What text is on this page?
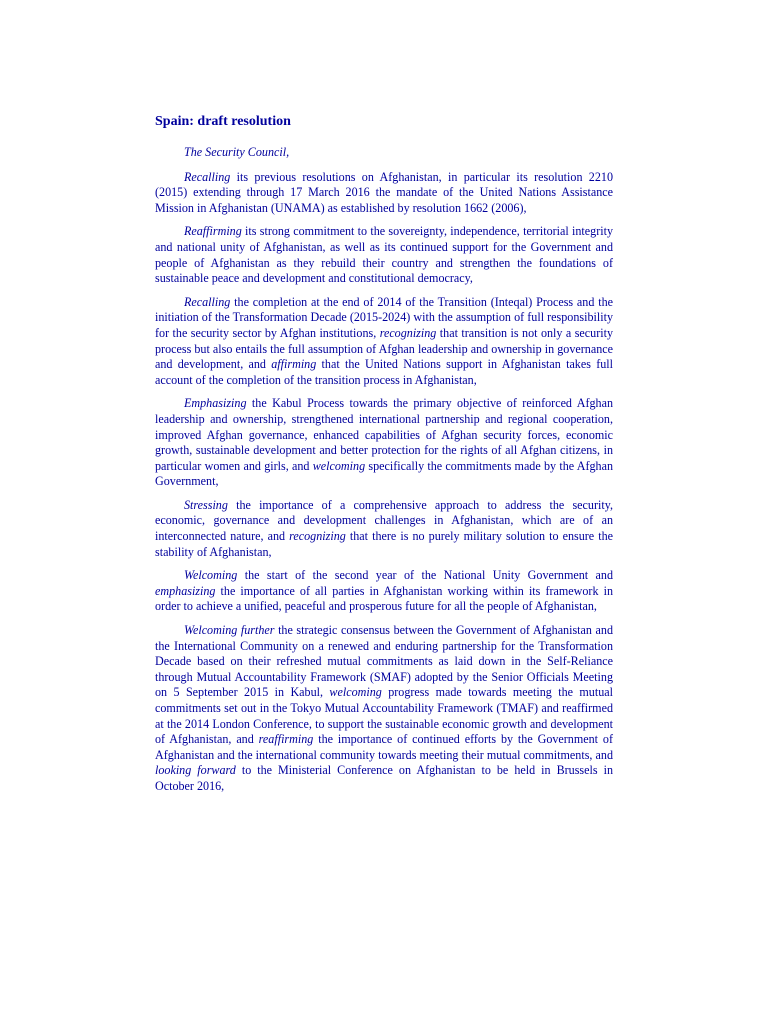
Spain: draft resolution

The Security Council,

Recalling its previous resolutions on Afghanistan, in particular its resolution 2210 (2015) extending through 17 March 2016 the mandate of the United Nations Assistance Mission in Afghanistan (UNAMA) as established by resolution 1662 (2006),

Reaffirming its strong commitment to the sovereignty, independence, territorial integrity and national unity of Afghanistan, as well as its continued support for the Government and people of Afghanistan as they rebuild their country and strengthen the foundations of sustainable peace and development and constitutional democracy,

Recalling the completion at the end of 2014 of the Transition (Inteqal) Process and the initiation of the Transformation Decade (2015-2024) with the assumption of full responsibility for the security sector by Afghan institutions, recognizing that transition is not only a security process but also entails the full assumption of Afghan leadership and ownership in governance and development, and affirming that the United Nations support in Afghanistan takes full account of the completion of the transition process in Afghanistan,

Emphasizing the Kabul Process towards the primary objective of reinforced Afghan leadership and ownership, strengthened international partnership and regional cooperation, improved Afghan governance, enhanced capabilities of Afghan security forces, economic growth, sustainable development and better protection for the rights of all Afghan citizens, in particular women and girls, and welcoming specifically the commitments made by the Afghan Government,

Stressing the importance of a comprehensive approach to address the security, economic, governance and development challenges in Afghanistan, which are of an interconnected nature, and recognizing that there is no purely military solution to ensure the stability of Afghanistan,

Welcoming the start of the second year of the National Unity Government and emphasizing the importance of all parties in Afghanistan working within its framework in order to achieve a unified, peaceful and prosperous future for all the people of Afghanistan,

Welcoming further the strategic consensus between the Government of Afghanistan and the International Community on a renewed and enduring partnership for the Transformation Decade based on their refreshed mutual commitments as laid down in the Self-Reliance through Mutual Accountability Framework (SMAF) adopted by the Senior Officials Meeting on 5 September 2015 in Kabul, welcoming progress made towards meeting the mutual commitments set out in the Tokyo Mutual Accountability Framework (TMAF) and reaffirmed at the 2014 London Conference, to support the sustainable economic growth and development of Afghanistan, and reaffirming the importance of continued efforts by the Government of Afghanistan and the international community towards meeting their mutual commitments, and looking forward to the Ministerial Conference on Afghanistan to be held in Brussels in October 2016,
